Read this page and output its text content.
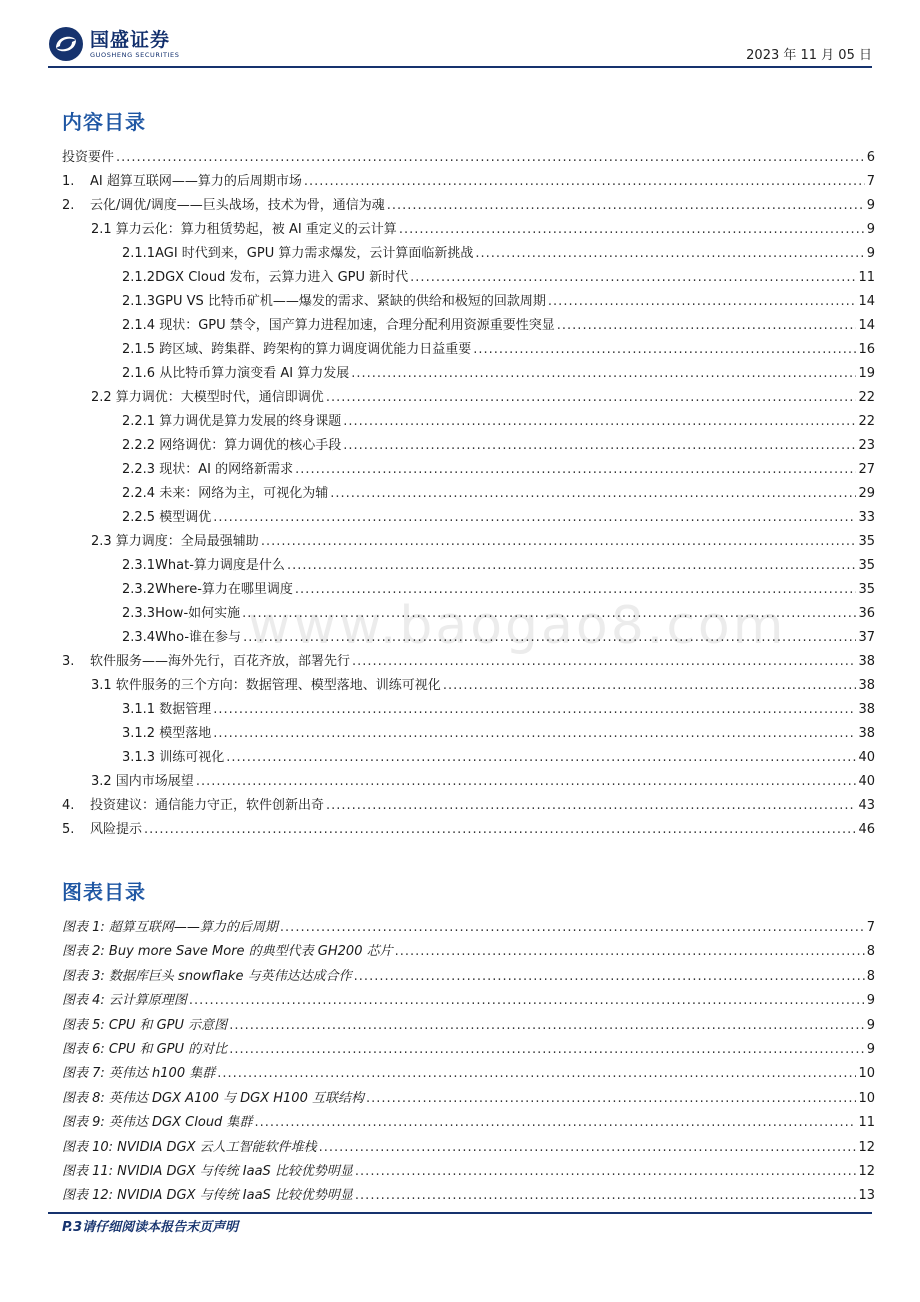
国盛证券
GUOSHENG SECURITIES	2023 年 11 月 05 日
www.baogao8.com
内容目录
投资要件 .....	6
1. AI 超算互联网——算力的后周期市场 .....	7
2. 云化/调优/调度——巨头战场，技术为骨，通信为魂 .....	9
2.1 算力云化：算力租赁势起，被 AI 重定义的云计算 .....	9
2.1.1AGI 时代到来，GPU 算力需求爆发，云计算面临新挑战 .....	9
2.1.2DGX Cloud 发布，云算力进入 GPU 新时代 .....	11
2.1.3GPU VS 比特币矿机——爆发的需求、紧缺的供给和极短的回款周期 .....	14
2.1.4 现状：GPU 禁令，国产算力进程加速，合理分配利用资源重要性突显 .....	14
2.1.5 跨区域、跨集群、跨架构的算力调度调优能力日益重要 .....	16
2.1.6 从比特币算力演变看 AI 算力发展 .....	19
2.2 算力调优：大模型时代，通信即调优 .....	22
2.2.1 算力调优是算力发展的终身课题 .....	22
2.2.2 网络调优：算力调优的核心手段 .....	23
2.2.3 现状：AI 的网络新需求 .....	27
2.2.4 未来：网络为主，可视化为辅 .....	29
2.2.5 模型调优 .....	33
2.3 算力调度：全局最强辅助 .....	35
2.3.1What-算力调度是什么 .....	35
2.3.2Where-算力在哪里调度 .....	35
2.3.3How-如何实施 .....	36
2.3.4Who-谁在参与 .....	37
3. 软件服务——海外先行，百花齐放，部署先行 .....	38
3.1 软件服务的三个方向：数据管理、模型落地、训练可视化 .....	38
3.1.1 数据管理 .....	38
3.1.2 模型落地 .....	38
3.1.3 训练可视化 .....	40
3.2 国内市场展望 .....	40
4. 投资建议：通信能力守正，软件创新出奇 .....	43
5. 风险提示 .....	46
图表目录
图表 1: 超算互联网——算力的后周期 .....	7
图表 2: Buy more Save More 的典型代表 GH200 芯片 .....	8
图表 3: 数据库巨头 snowflake 与英伟达达成合作 .....	8
图表 4: 云计算原理图 .....	9
图表 5: CPU 和 GPU 示意图 .....	9
图表 6: CPU 和 GPU 的对比 .....	9
图表 7: 英伟达 h100 集群 .....	10
图表 8: 英伟达 DGX A100 与 DGX H100 互联结构 .....	10
图表 9: 英伟达 DGX Cloud 集群 .....	11
图表 10: NVIDIA DGX 云人工智能软件堆栈 .....	12
图表 11: NVIDIA DGX 与传统 IaaS 比较优势明显 .....	12
图表 12: NVIDIA DGX 与传统 IaaS 比较优势明显 .....	13
P.3请仔细阅读本报告末页声明
